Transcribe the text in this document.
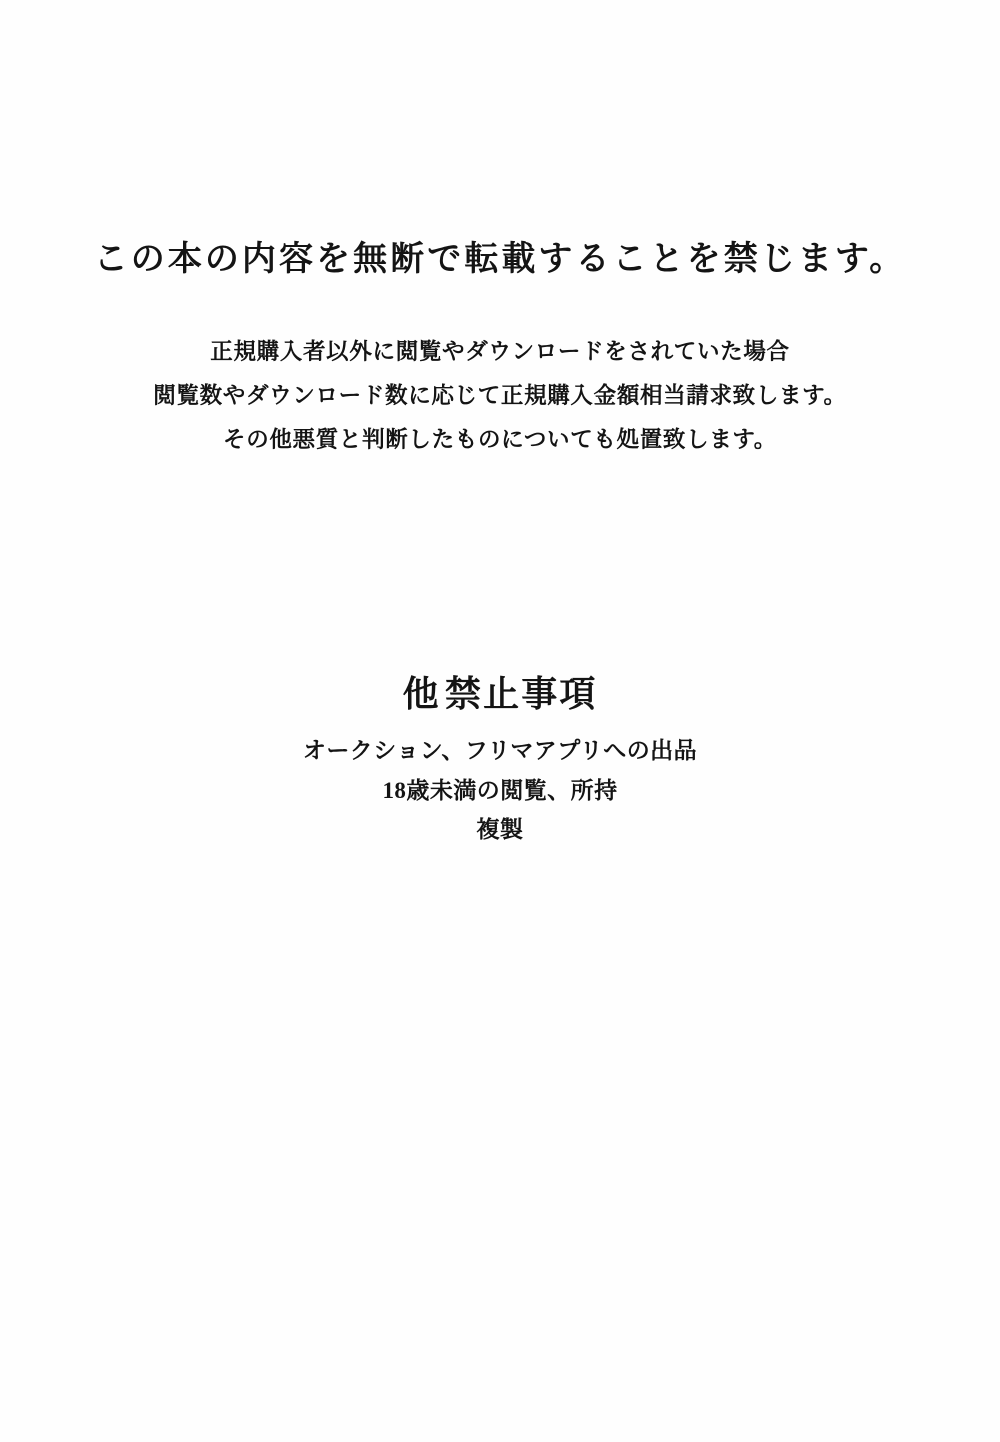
この本の内容を無断で転載することを禁じます。
正規購入者以外に閲覧やダウンロードをされていた場合
閲覧数やダウンロード数に応じて正規購入金額相当請求致します。
その他悪質と判断したものについても処置致します。
他禁止事項
オークション、フリマアプリへの出品
18歳未満の閲覧、所持
複製
